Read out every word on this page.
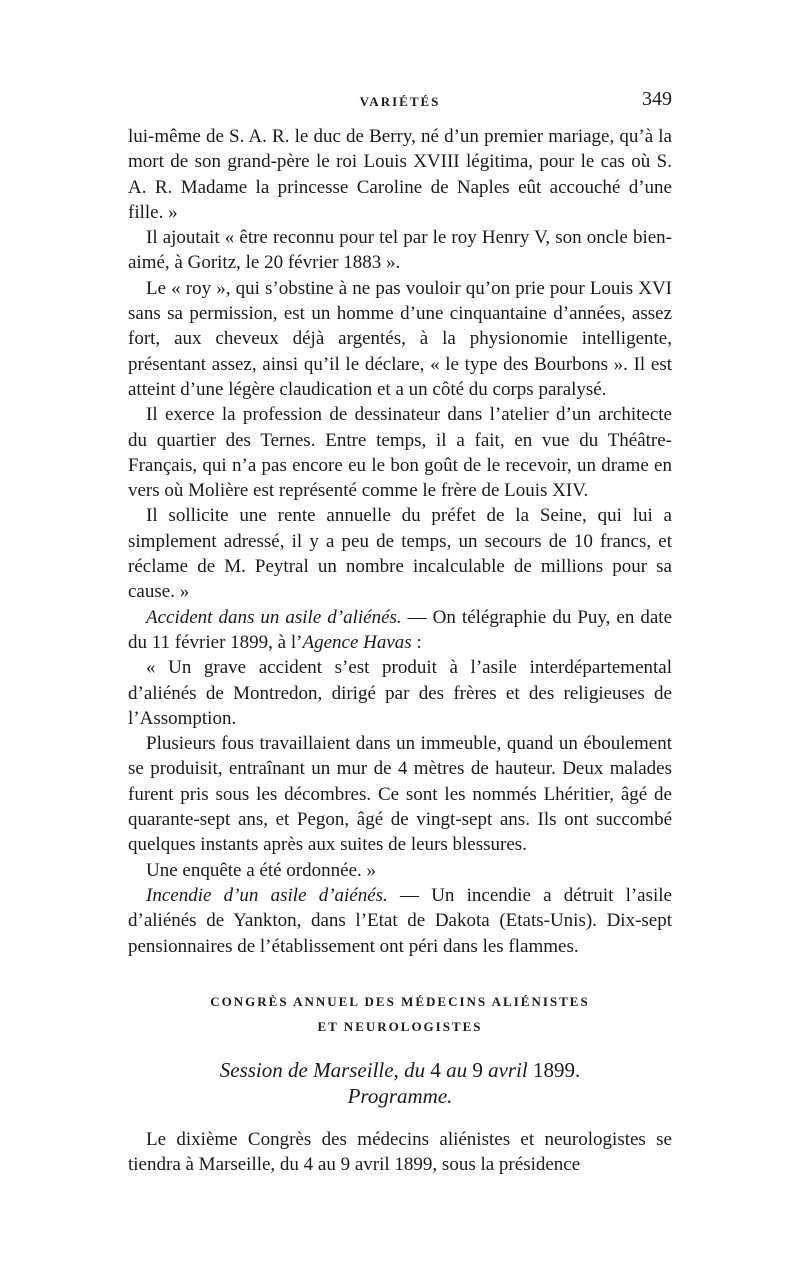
VARIÉTÉS	349

lui-même de S. A. R. le duc de Berry, né d’un premier mariage, qu’à la mort de son grand-père le roi Louis XVIII légitima, pour le cas où S. A. R. Madame la princesse Caroline de Naples eût accouché d’une fille. »

Il ajoutait « être reconnu pour tel par le roy Henry V, son oncle bien-aimé, à Goritz, le 20 février 1883 ».

Le « roy », qui s’obstine à ne pas vouloir qu’on prie pour Louis XVI sans sa permission, est un homme d’une cinquantaine d’années, assez fort, aux cheveux déjà argentés, à la physionomie intelligente, présentant assez, ainsi qu’il le déclare, « le type des Bourbons ». Il est atteint d’une légère claudication et a un côté du corps paralysé.

Il exerce la profession de dessinateur dans l’atelier d’un architecte du quartier des Ternes. Entre temps, il a fait, en vue du Théâtre-Français, qui n’a pas encore eu le bon goût de le recevoir, un drame en vers où Molière est représenté comme le frère de Louis XIV.

Il sollicite une rente annuelle du préfet de la Seine, qui lui a simplement adressé, il y a peu de temps, un secours de 10 francs, et réclame de M. Peytral un nombre incalculable de millions pour sa cause. »

Accident dans un asile d’aliénés. — On télégraphie du Puy, en date du 11 février 1899, à l’Agence Havas :

« Un grave accident s’est produit à l’asile interdépartemental d’aliénés de Montredon, dirigé par des frères et des religieuses de l’Assomption.

Plusieurs fous travaillaient dans un immeuble, quand un éboulement se produisit, entraînant un mur de 4 mètres de hauteur. Deux malades furent pris sous les décombres. Ce sont les nommés Lhéritier, âgé de quarante-sept ans, et Pegon, âgé de vingt-sept ans. Ils ont succombé quelques instants après aux suites de leurs blessures.

Une enquête a été ordonnée. »

Incendie d’un asile d’aiénés. — Un incendie a détruit l’asile d’aliénés de Yankton, dans l’Etat de Dakota (Etats-Unis). Dix-sept pensionnaires de l’établissement ont péri dans les flammes.

CONGRÈS ANNUEL DES MÉDECINS ALIÉNISTES
ET NEUROLOGISTES
Session de Marseille, du 4 au 9 avril 1899.
Programme.

Le dixième Congrès des médecins aliénistes et neurologistes se tiendra à Marseille, du 4 au 9 avril 1899, sous la présidence
